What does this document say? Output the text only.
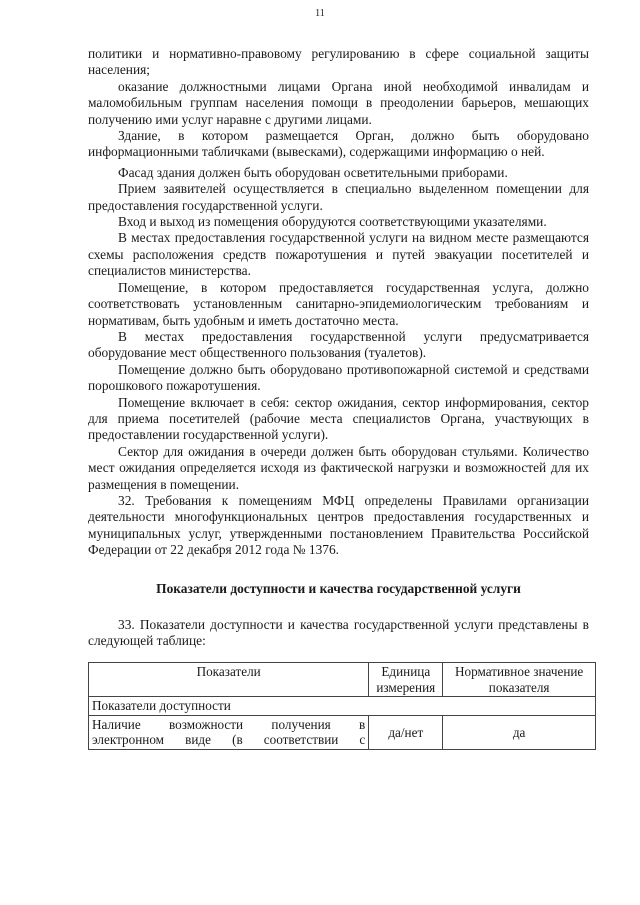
11

политики и нормативно-правовому регулированию в сфере социальной защиты населения;

оказание должностными лицами Органа иной необходимой инвалидам и маломобильным группам населения помощи в преодолении барьеров, мешающих получению ими услуг наравне с другими лицами.

Здание, в котором размещается Орган, должно быть оборудовано информационными табличками (вывесками), содержащими информацию о ней.

Фасад здания должен быть оборудован осветительными приборами.

Прием заявителей осуществляется в специально выделенном помещении для предоставления государственной услуги.

Вход и выход из помещения оборудуются соответствующими указателями.

В местах предоставления государственной услуги на видном месте размещаются схемы расположения средств пожаротушения и путей эвакуации посетителей и специалистов министерства.

Помещение, в котором предоставляется государственная услуга, должно соответствовать установленным санитарно-эпидемиологическим требованиям и нормативам, быть удобным и иметь достаточно места.

В местах предоставления государственной услуги предусматривается оборудование мест общественного пользования (туалетов).

Помещение должно быть оборудовано противопожарной системой и средствами порошкового пожаротушения.

Помещение включает в себя: сектор ожидания, сектор информирования, сектор для приема посетителей (рабочие места специалистов Органа, участвующих в предоставлении государственной услуги).

Сектор для ожидания в очереди должен быть оборудован стульями. Количество мест ожидания определяется исходя из фактической нагрузки и возможностей для их размещения в помещении.

32. Требования к помещениям МФЦ определены Правилами организации деятельности многофункциональных центров предоставления государственных и муниципальных услуг, утвержденными постановлением Правительства Российской Федерации от 22 декабря 2012 года № 1376.

Показатели доступности и качества государственной услуги

33. Показатели доступности и качества государственной услуги представлены в следующей таблице:

Показатели	Единица измерения	Нормативное значение показателя
Показатели доступности		

Наличие возможности получения в
электронном виде (в соответствии с	да/нет	да
